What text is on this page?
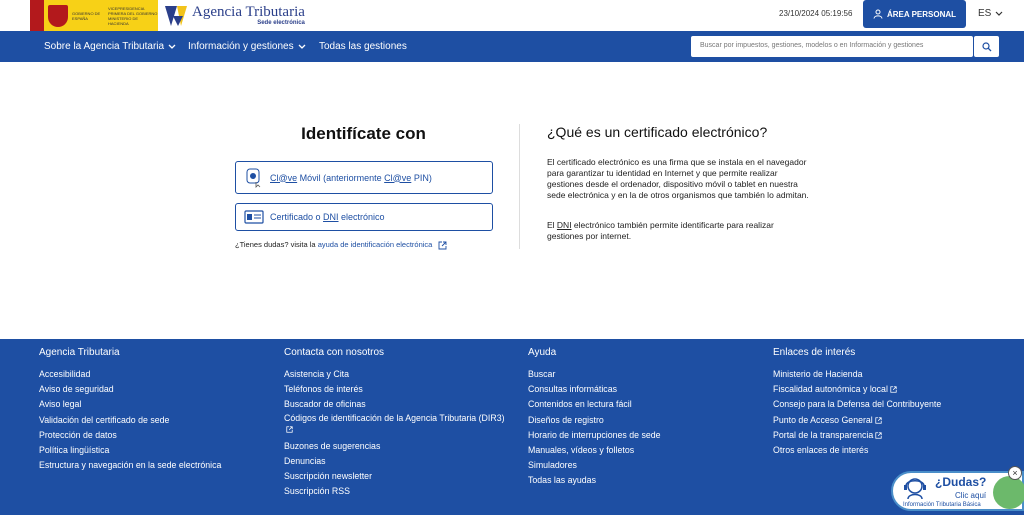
GOBIERNO DE ESPAÑA
VICEPRESIDENCIA PRIMERA DEL GOBIERNO
MINISTERIO DE HACIENDA
Agencia Tributaria
Sede electrónica
23/10/2024 05:19:56	ÁREA PERSONAL ES
Sobre la Agencia Tributaria Información y gestiones	Todas las gestiones	Buscar por impuestos, gestiones, modelos o en Información y gestiones
Identifícate con
Cl@ve Móvil (anteriormente Cl@ve PIN)
Certificado o DNI electrónico
¿Tienes dudas? visita la ayuda de identificación electrónica
¿Qué es un certificado electrónico?
El certificado electrónico es una firma que se instala en el navegador para garantizar tu identidad en Internet y que permite realizar gestiones desde el ordenador, dispositivo móvil o tablet en nuestra sede electrónica y en la de otros organismos que también lo admitan.
El DNI electrónico también permite identificarte para realizar gestiones por internet.
Agencia Tributaria
Accesibilidad
Aviso de seguridad
Aviso legal
Validación del certificado de sede
Protección de datos
Política lingüística
Estructura y navegación en la sede electrónica
Contacta con nosotros
Asistencia y Cita
Teléfonos de interés
Buscador de oficinas
Códigos de identificación de la Agencia Tributaria (DIR3)

Buzones de sugerencias
Denuncias
Suscripción newsletter
Suscripción RSS
Ayuda
Buscar
Consultas informáticas
Contenidos en lectura fácil
Diseños de registro
Horario de interrupciones de sede
Manuales, vídeos y folletos
Simuladores
Todas las ayudas
Enlaces de interés
Ministerio de Hacienda
Fiscalidad autonómica y local
Consejo para la Defensa del Contribuyente
Punto de Acceso General
Portal de la transparencia
Otros enlaces de interés
¿Dudas?
Clic aquí
Información Tributaria Básica
×
